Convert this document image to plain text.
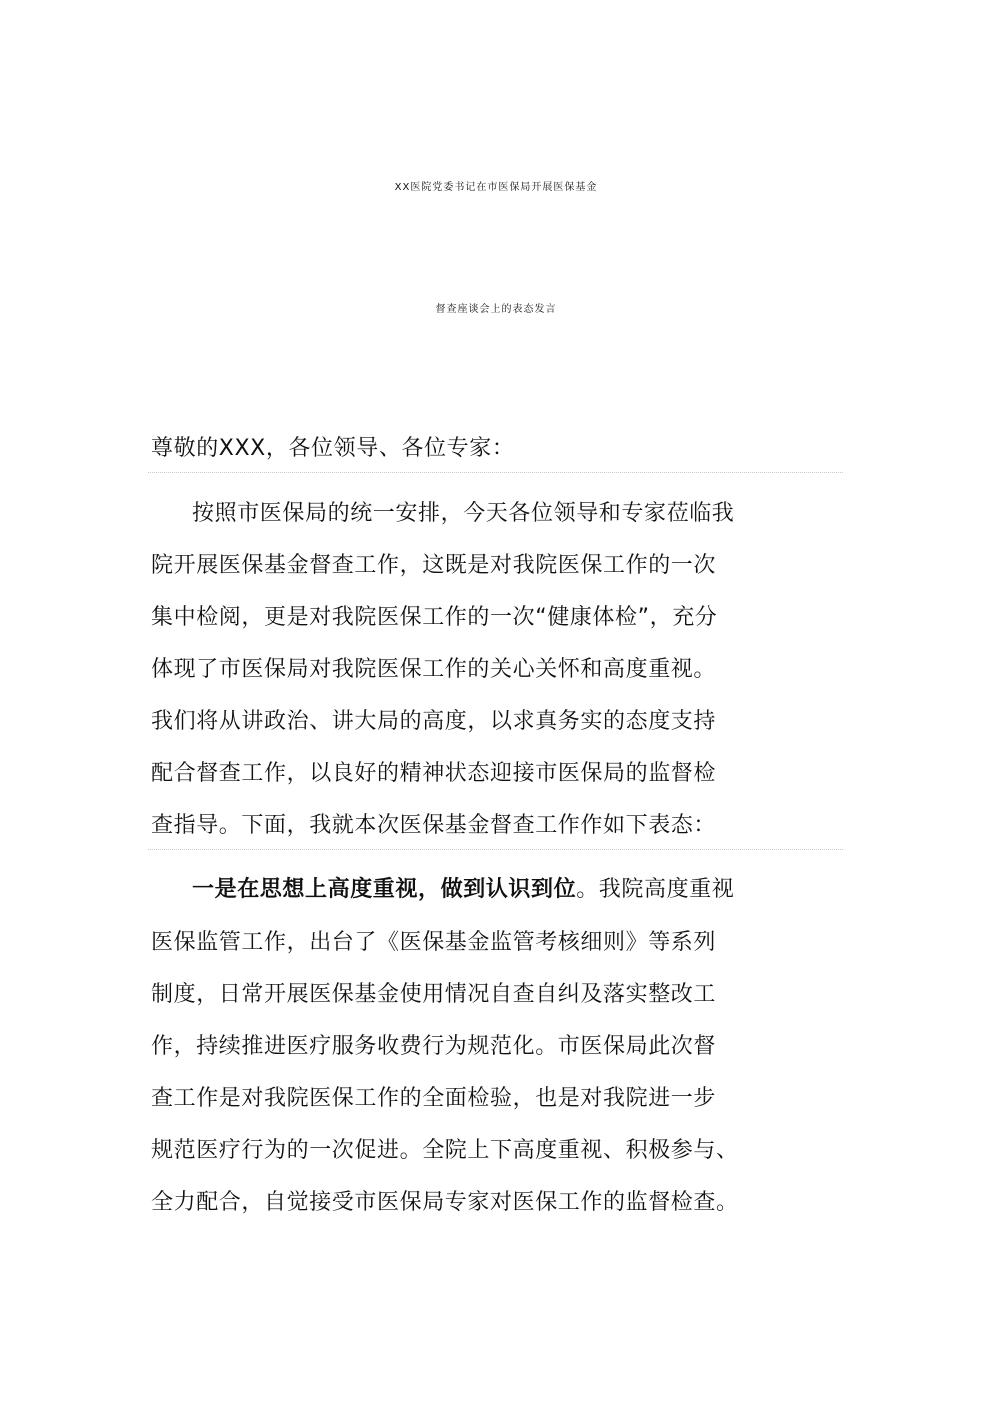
XX医院党委书记在市医保局开展医保基金
督查座谈会上的表态发言
尊敬的XXX，各位领导、各位专家：
按照市医保局的统一安排，今天各位领导和专家莅临我
院开展医保基金督查工作，这既是对我院医保工作的一次
集中检阅，更是对我院医保工作的一次“健康体检”，充分
体现了市医保局对我院医保工作的关心关怀和高度重视。
我们将从讲政治、讲大局的高度，以求真务实的态度支持
配合督查工作，以良好的精神状态迎接市医保局的监督检
查指导。下面，我就本次医保基金督查工作作如下表态：
一是在思想上高度重视，做到认识到位。我院高度重视
医保监管工作，出台了《医保基金监管考核细则》等系列
制度，日常开展医保基金使用情况自查自纠及落实整改工
作，持续推进医疗服务收费行为规范化。市医保局此次督
查工作是对我院医保工作的全面检验，也是对我院进一步
规范医疗行为的一次促进。全院上下高度重视、积极参与、
全力配合，自觉接受市医保局专家对医保工作的监督检查。
